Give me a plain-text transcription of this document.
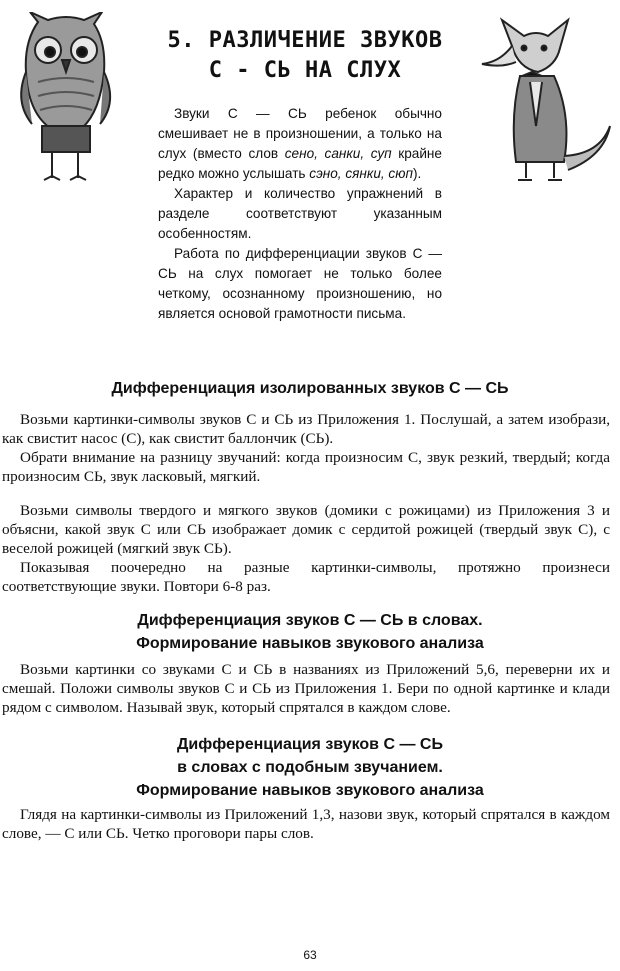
5. РАЗЛИЧЕНИЕ ЗВУКОВ
С - СЬ НА СЛУХ

Звуки С — СЬ ребенок обычно смешивает не в произношении, а только на слух (вместо слов сено, санки, суп крайне редко можно услышать сэно, сянки, сюп).

Характер и количество упражнений в разделе соответствуют указанным особенностям.

Работа по дифференциации звуков С — СЬ на слух помогает не только более четкому, осознанному произношению, но является основой грамотности письма.

Дифференциация изолированных звуков С — СЬ

Возьми картинки-символы звуков С и СЬ из Приложения 1. Послушай, а затем изобрази, как свистит насос (С), как свистит баллончик (СЬ).

Обрати внимание на разницу звучаний: когда произносим С, звук резкий, твердый; когда произносим СЬ, звук ласковый, мягкий.

Возьми символы твердого и мягкого звуков (домики с рожицами) из Приложения 3 и объясни, какой звук С или СЬ изображает домик с сердитой рожицей (твердый звук С), с веселой рожицей (мягкий звук СЬ).

Показывая поочередно на разные картинки-символы, протяжно произнеси соответствующие звуки. Повтори 6-8 раз.

Дифференциация звуков С — СЬ в словах.
Формирование навыков звукового анализа

Возьми картинки со звуками С и СЬ в названиях из Приложений 5,6, переверни их и смешай. Положи символы звуков С и СЬ из Приложения 1. Бери по одной картинке и клади рядом с символом. Называй звук, который спрятался в каждом слове.

Дифференциация звуков С — СЬ
в словах с подобным звучанием.
Формирование навыков звукового анализа

Глядя на картинки-символы из Приложений 1,3, назови звук, который спрятался в каждом слове, — С или СЬ. Четко проговори пары слов.

63
